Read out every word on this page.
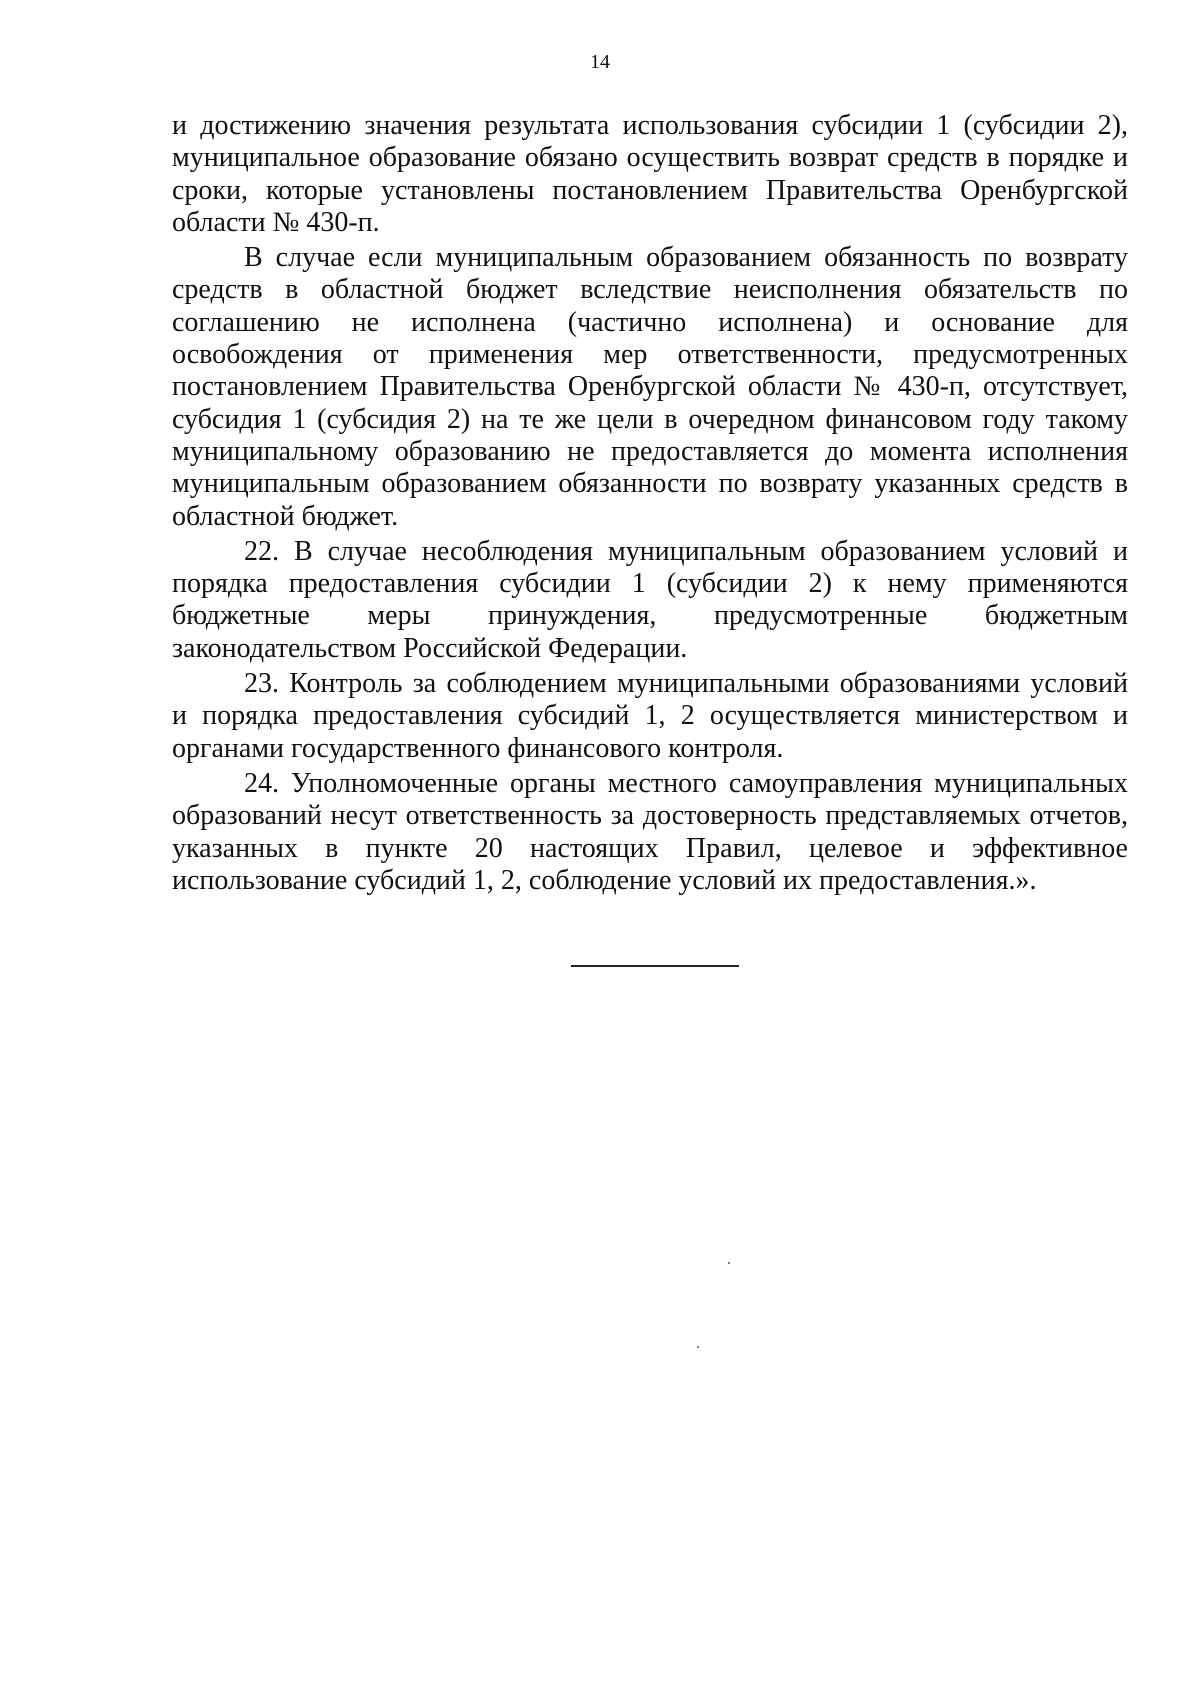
14

и достижению значения результата использования субсидии 1 (субсидии 2), муниципальное образование обязано осуществить возврат средств в порядке и сроки, которые установлены постановлением Правительства Оренбургской области № 430-п.

В случае если муниципальным образованием обязанность по возврату средств в областной бюджет вследствие неисполнения обязательств по соглашению не исполнена (частично исполнена) и основание для освобождения от применения мер ответственности, предусмотренных постановлением Правительства Оренбургской области № 430-п, отсутствует, субсидия 1 (субсидия 2) на те же цели в очередном финансовом году такому муниципальному образованию не предоставляется до момента исполнения муниципальным образованием обязанности по возврату указанных средств в областной бюджет.

22. В случае несоблюдения муниципальным образованием условий и порядка предоставления субсидии 1 (субсидии 2) к нему применяются бюджетные меры принуждения, предусмотренные бюджетным законодательством Российской Федерации.

23. Контроль за соблюдением муниципальными образованиями условий и порядка предоставления субсидий 1, 2 осуществляется министерством и органами государственного финансового контроля.

24. Уполномоченные органы местного самоуправления муниципальных образований несут ответственность за достоверность представляемых отчетов, указанных в пункте 20 настоящих Правил, целевое и эффективное использование субсидий 1, 2, соблюдение условий их предоставления.».
